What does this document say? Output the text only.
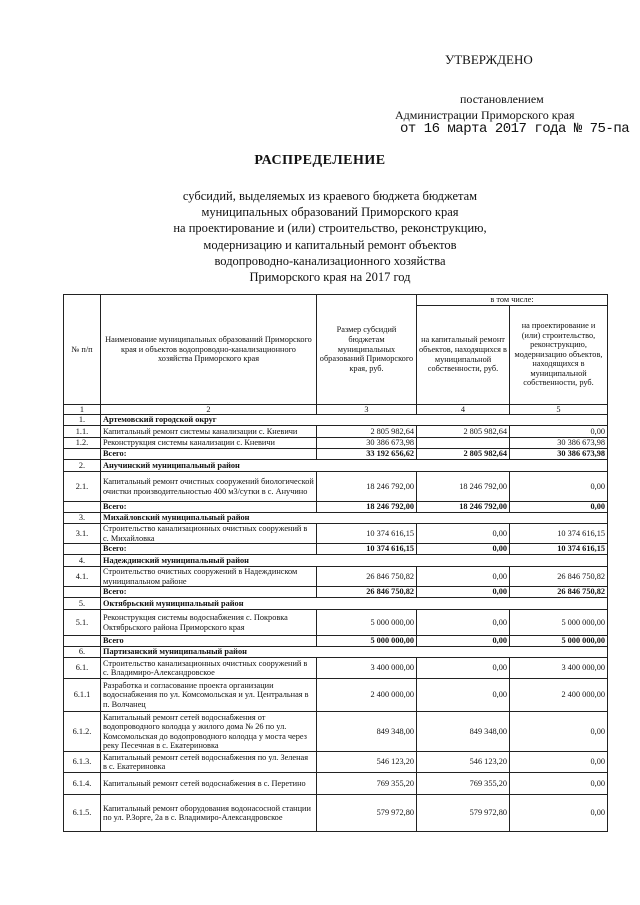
УТВЕРЖДЕНО
постановлением
Администрации Приморского края
от 16 марта 2017 года № 75-па
РАСПРЕДЕЛЕНИЕ
субсидий, выделяемых из краевого бюджета бюджетам
муниципальных образований Приморского края
на проектирование и (или) строительство, реконструкцию,
модернизацию и капитальный ремонт объектов
водопроводно-канализационного хозяйства
Приморского края на 2017 год
№ п/п	Наименование муниципальных образований Приморского края и объектов водопроводно-канализационного хозяйства Приморского края	Размер субсидий бюджетам муниципальных образований Приморского края, руб.	в том числе:	
			на капитальный ремонт объектов, находящихся в муниципальной собственности, руб.	на проектирование и (или) строительство, реконструкцию, модернизацию объектов, находящихся в муниципальной собственности, руб.
1	2	3	4	5
1.	Артемовский городской округ			
1.1.	Капитальный ремонт системы канализации с. Кневичи	2 805 982,64	2 805 982,64	0,00
1.2.	Реконструкция системы канализации с. Кневичи	30 386 673,98		30 386 673,98
	Всего:	33 192 656,62	2 805 982,64	30 386 673,98
2.	Анучинский муниципальный район			
2.1.	Капитальный ремонт очистных сооружений биологической очистки производительностью 400 м3/сутки в с. Анучино	18 246 792,00	18 246 792,00	0,00
	Всего:	18 246 792,00	18 246 792,00	0,00
3.	Михайловский муниципальный район			
3.1.	Строительство канализационных очистных сооружений в с. Михайловка	10 374 616,15	0,00	10 374 616,15
	Всего:	10 374 616,15	0,00	10 374 616,15
4.	Надеждинский муниципальный район			
4.1.	Строительство очистных сооружений в Надеждинском муниципальном районе	26 846 750,82	0,00	26 846 750,82
	Всего:	26 846 750,82	0,00	26 846 750,82
5.	Октябрьский муниципальный район			
5.1.	Реконструкция системы водоснабжения с. Покровка Октябрьского района Приморского края	5 000 000,00	0,00	5 000 000,00
	Всего	5 000 000,00	0,00	5 000 000,00
6.	Партизанский муниципальный район			
6.1.	Строительство канализационных очистных сооружений в с. Владимиро-Александровское	3 400 000,00	0,00	3 400 000,00
6.1.1	Разработка и согласование проекта организации водоснабжения по ул. Комсомольская и ул. Центральная в п. Волчанец	2 400 000,00	0,00	2 400 000,00
6.1.2.	Капитальный ремонт сетей водоснабжения от водопроводного колодца у жилого дома № 26 по ул. Комсомольская до водопроводного колодца у моста через реку Песечная в с. Екатериновка	849 348,00	849 348,00	0,00
6.1.3.	Капитальный ремонт сетей водоснабжения по ул. Зеленая в с. Екатериновка	546 123,20	546 123,20	0,00
6.1.4.	Капитальный ремонт сетей водоснабжения в с. Перетино	769 355,20	769 355,20	0,00
6.1.5.	Капитальный ремонт оборудования водонасосной станции по ул. Р.Зорге, 2а в с. Владимиро-Александровское	579 972,80	579 972,80	0,00
